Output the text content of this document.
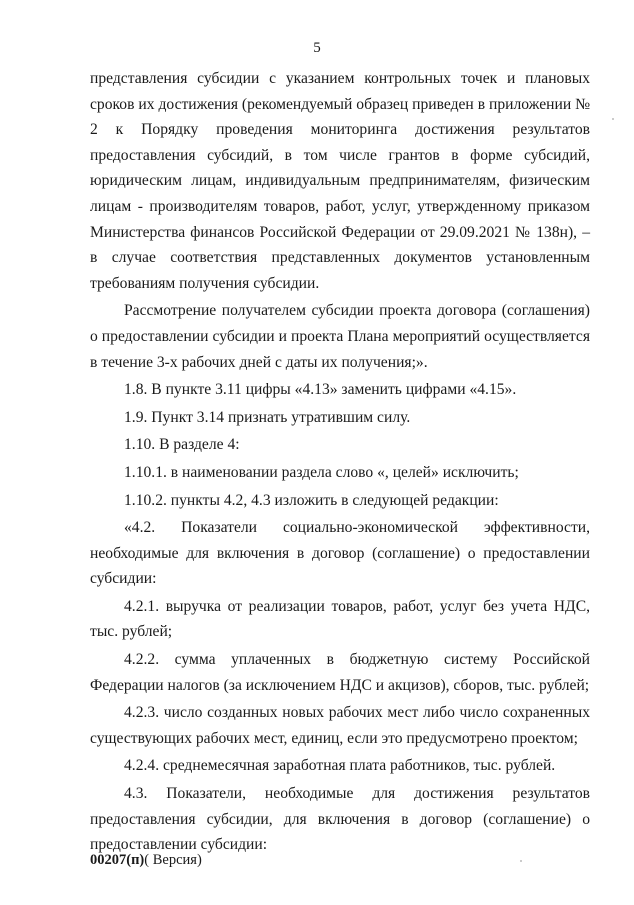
5

представления субсидии с указанием контрольных точек и плановых сроков их достижения (рекомендуемый образец приведен в приложении № 2 к Порядку проведения мониторинга достижения результатов предоставления субсидий, в том числе грантов в форме субсидий, юридическим лицам, индивидуальным предпринимателям, физическим лицам - производителям товаров, работ, услуг, утвержденному приказом Министерства финансов Российской Федерации от 29.09.2021 № 138н), – в случае соответствия представленных документов установленным требованиям получения субсидии.

Рассмотрение получателем субсидии проекта договора (соглашения) о предоставлении субсидии и проекта Плана мероприятий осуществляется в течение 3-х рабочих дней с даты их получения;».

1.8. В пункте 3.11 цифры «4.13» заменить цифрами «4.15».

1.9. Пункт 3.14 признать утратившим силу.

1.10. В разделе 4:

1.10.1. в наименовании раздела слово «, целей» исключить;

1.10.2. пункты 4.2, 4.3 изложить в следующей редакции:

«4.2. Показатели социально-экономической эффективности, необходимые для включения в договор (соглашение) о предоставлении субсидии:

4.2.1. выручка от реализации товаров, работ, услуг без учета НДС, тыс. рублей;

4.2.2. сумма уплаченных в бюджетную систему Российской Федерации налогов (за исключением НДС и акцизов), сборов, тыс. рублей;

4.2.3. число созданных новых рабочих мест либо число сохраненных существующих рабочих мест, единиц, если это предусмотрено проектом;

4.2.4. среднемесячная заработная плата работников, тыс. рублей.

4.3. Показатели, необходимые для достижения результатов предоставления субсидии, для включения в договор (соглашение) о предоставлении субсидии:

00207(п)( Версия)
